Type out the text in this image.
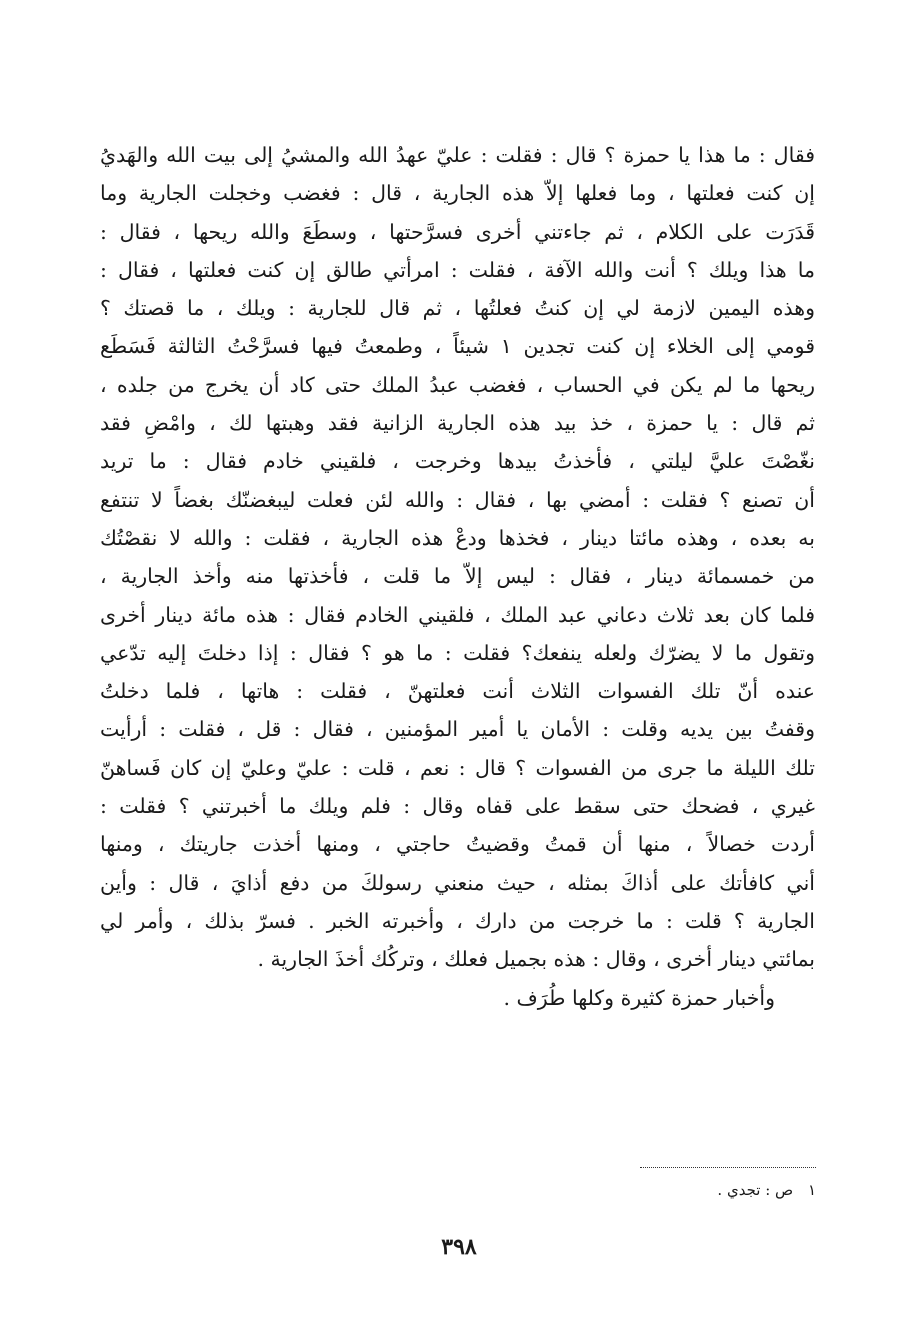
فقال : ما هذا يا حمزة ؟ قال : فقلت : عليّ عهدُ الله والمشيُ إلى بيت الله والهَديُ
إن كنت فعلتها ، وما فعلها إلاّ هذه الجارية ، قال : فغضب وخجلت الجارية وما
قَدَرَت على الكلام ، ثم جاءتني أخرى فسرَّحتها ، وسطَعَ والله ريحها ، فقال :
ما هذا ويلك ؟ أنت والله الآفة ، فقلت : امرأتي طالق إن كنت فعلتها ، فقال :
وهذه اليمين لازمة لي إن كنتُ فعلتُها ، ثم قال للجارية : ويلك ، ما قصتك ؟
قومي إلى الخلاء إن كنت تجدين ١ شيئاً ، وطمعتُ فيها فسرَّحْتُ الثالثة فَسَطَع
ريحها ما لم يكن في الحساب ، فغضب عبدُ الملك حتى كاد أن يخرج من جلده ،
ثم قال : يا حمزة ، خذ بيد هذه الجارية الزانية فقد وهبتها لك ، وامْضِ فقد
نغّصْتَ عليَّ ليلتي ، فأخذتُ بيدها وخرجت ، فلقيني خادم فقال : ما تريد
أن تصنع ؟ فقلت : أمضي بها ، فقال : والله لئن فعلت ليبغضنّك بغضاً لا تنتفع
به بعده ، وهذه مائتا دينار ، فخذها ودعْ هذه الجارية ، فقلت : والله لا نقصْتُك
من خمسمائة دينار ، فقال : ليس إلاّ ما قلت ، فأخذتها منه وأخذ الجارية ،
فلما كان بعد ثلاث دعاني عبد الملك ، فلقيني الخادم فقال : هذه مائة دينار أخرى
وتقول ما لا يضرّك ولعله ينفعك؟ فقلت : ما هو ؟ فقال : إذا دخلتَ إليه تدّعي
عنده أنّ تلك الفسوات الثلاث أنت فعلتهنّ ، فقلت : هاتها ، فلما دخلتُ
وقفتُ بين يديه وقلت : الأمان يا أمير المؤمنين ، فقال : قل ، فقلت : أرأيت
تلك الليلة ما جرى من الفسوات ؟ قال : نعم ، قلت : عليّ وعليّ إن كان فَساهنّ
غيري ، فضحك حتى سقط على قفاه وقال : فلم ويلك ما أخبرتني ؟ فقلت :
أردت خصالاً ، منها أن قمتُ وقضيتُ حاجتي ، ومنها أخذت جاريتك ، ومنها
أني كافأتك على أذاكَ بمثله ، حيث منعني رسولكَ من دفع أذايَ ، قال : وأين
الجارية ؟ قلت : ما خرجت من دارك ، وأخبرته الخبر . فسرّ بذلك ، وأمر لي
بمائتي دينار أخرى ، وقال : هذه بجميل فعلك ، وتركُك أخذَ الجارية .
وأخبار حمزة كثيرة وكلها طُرَف .
١ ص : تجدي .
٣٩٨
